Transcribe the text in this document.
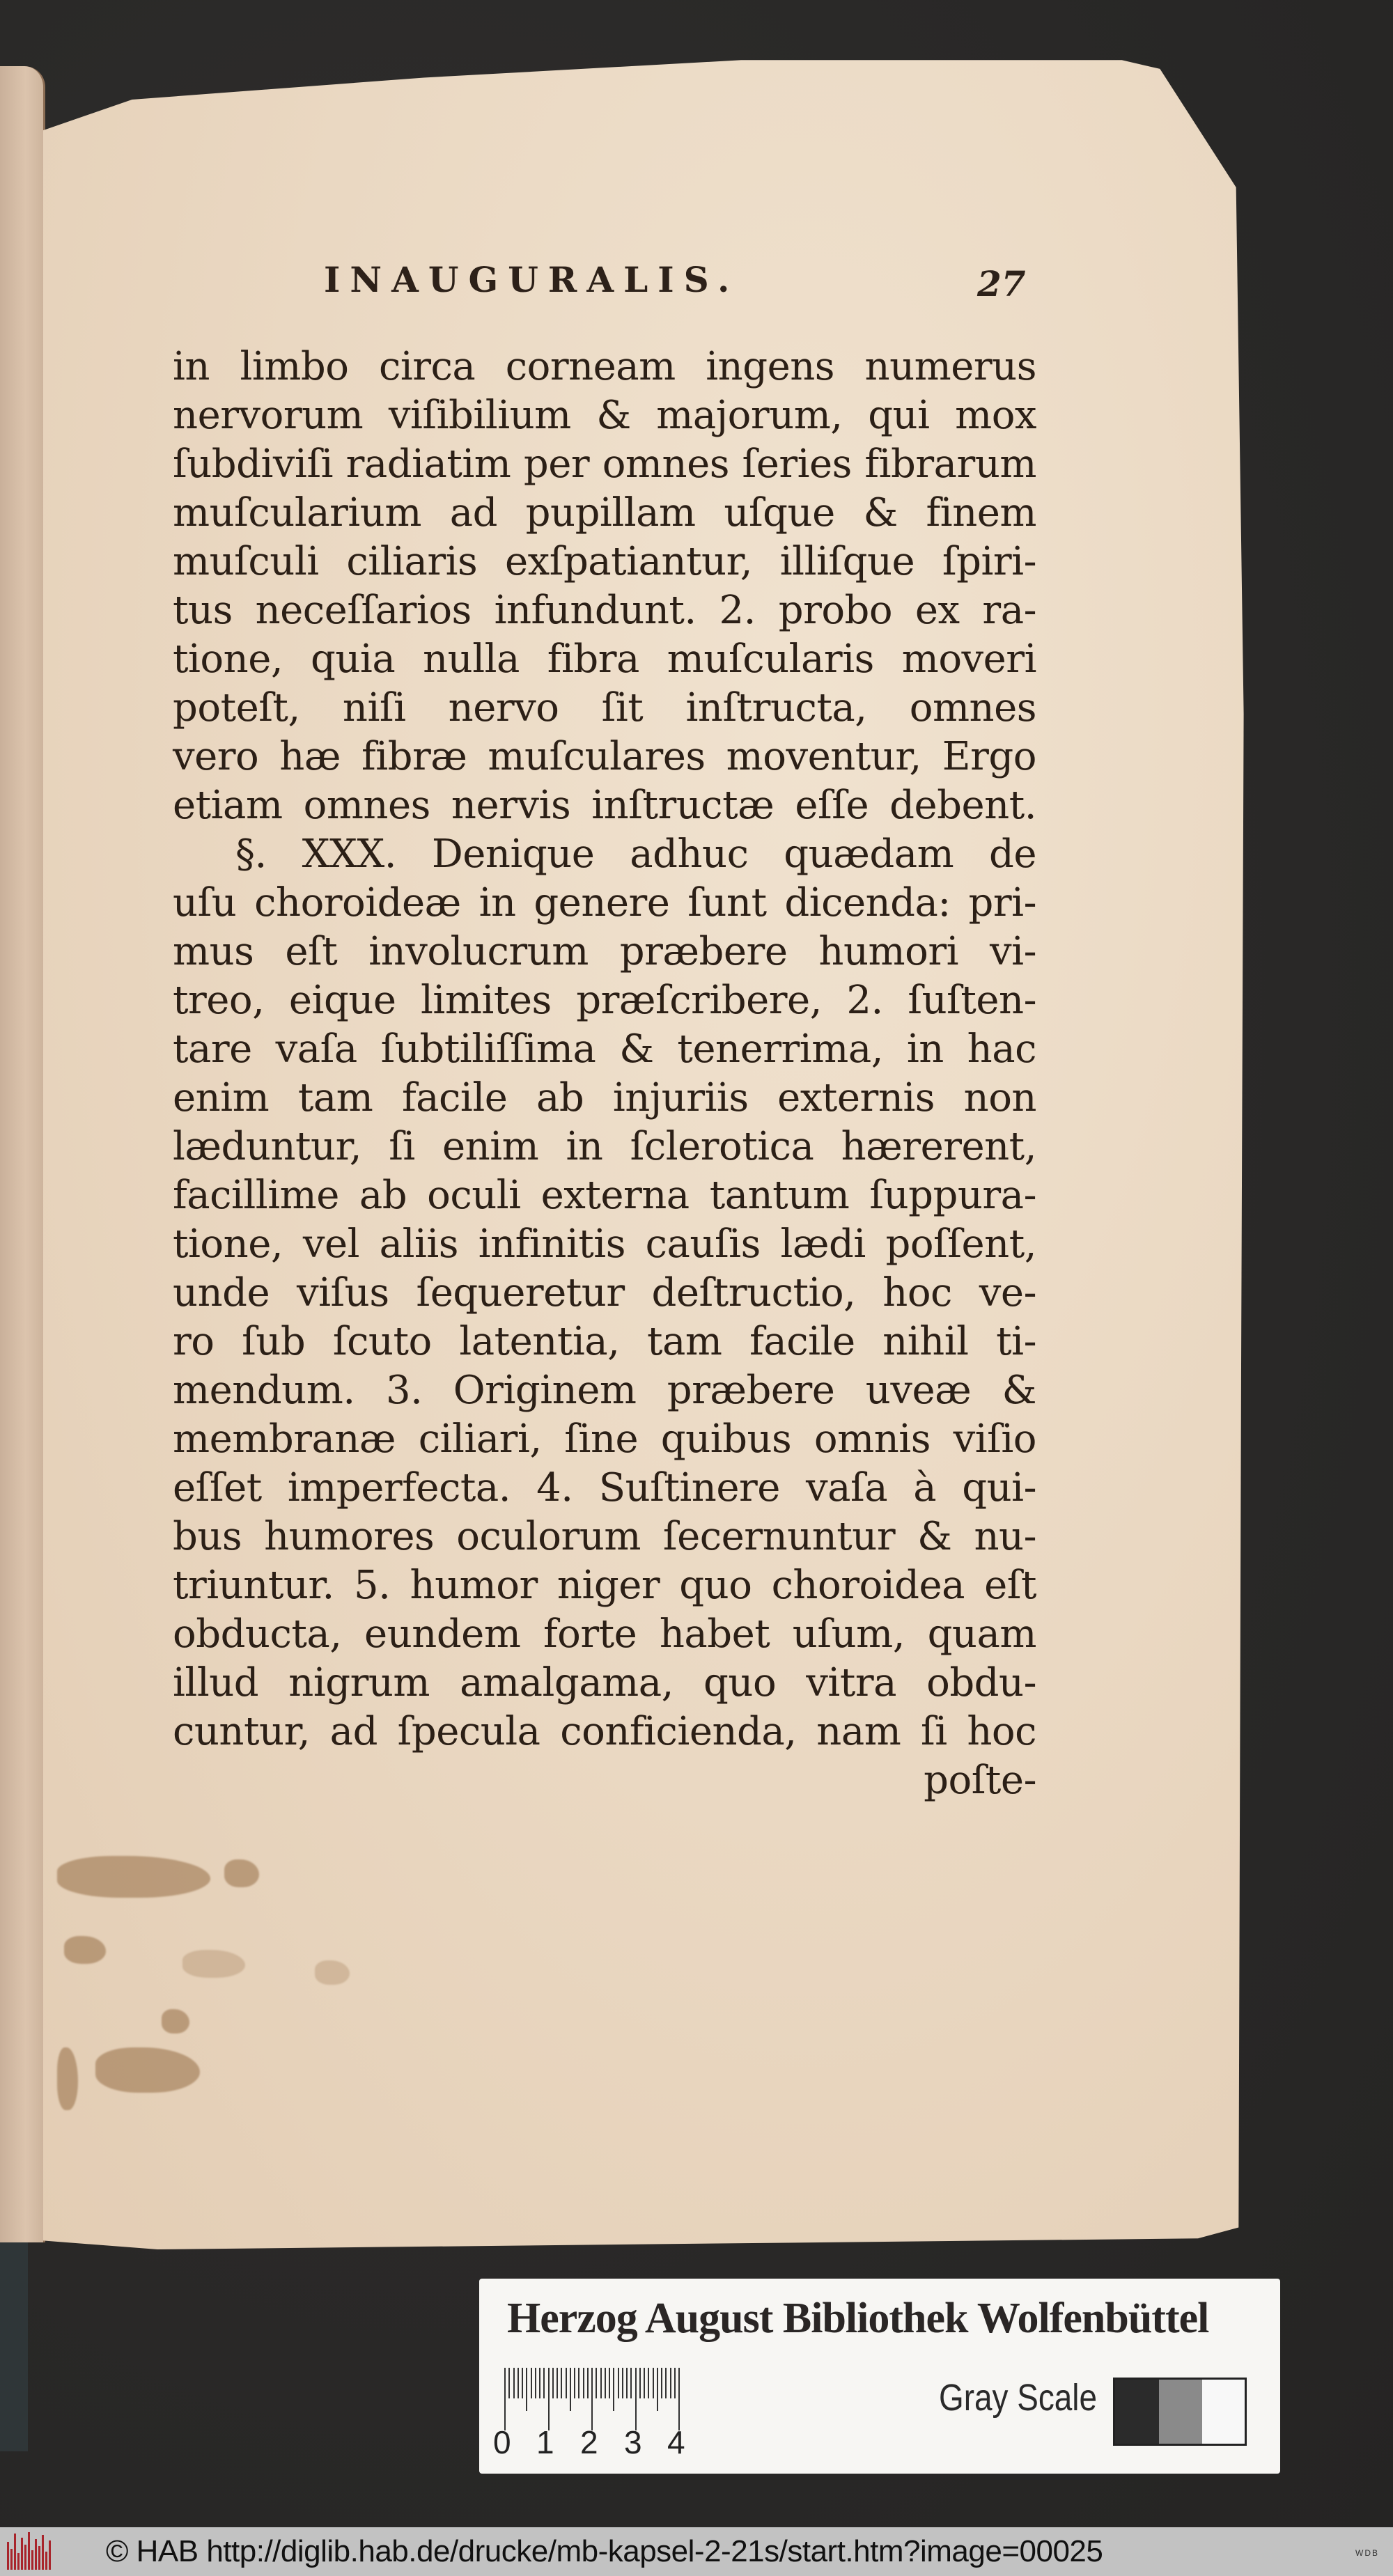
INAUGURALIS.	27
in limbo circa corneam ingens numerus
nervorum viſibilium & majorum, qui mox
ſubdiviſi radiatim per omnes ſeries fibrarum
muſcularium ad pupillam uſque & finem
muſculi ciliaris exſpatiantur, illiſque ſpiri-
tus neceſſarios infundunt. 2. probo ex ra-
tione, quia nulla fibra muſcularis moveri
poteſt, niſi nervo ſit inſtructa, omnes
vero hæ fibræ muſculares moventur, Ergo
etiam omnes nervis inſtructæ eſſe debent.
§. XXX. Denique adhuc quædam de
uſu choroideæ in genere ſunt dicenda: pri-
mus eſt involucrum præbere humori vi-
treo, eique limites præſcribere, 2. ſuſten-
tare vaſa ſubtiliſſima & tenerrima, in hac
enim tam facile ab injuriis externis non
læduntur, ſi enim in ſclerotica hærerent,
facillime ab oculi externa tantum ſuppura-
tione, vel aliis infinitis cauſis lædi poſſent,
unde viſus ſequeretur deſtructio, hoc ve-
ro ſub ſcuto latentia, tam facile nihil ti-
mendum. 3. Originem præbere uveæ &
membranæ ciliari, ſine quibus omnis viſio
eſſet imperfecta. 4. Suſtinere vaſa à qui-
bus humores oculorum ſecernuntur & nu-
triuntur. 5. humor niger quo choroidea eſt
obducta, eundem forte habet uſum, quam
illud nigrum amalgama, quo vitra obdu-
cuntur, ad ſpecula conficienda, nam ſi hoc
poſte-
Herzog August Bibliothek Wolfenbüttel
0 1 2 3 4
Gray Scale
© HAB http://diglib.hab.de/drucke/mb-kapsel-2-21s/start.htm?image=00025	WDB
